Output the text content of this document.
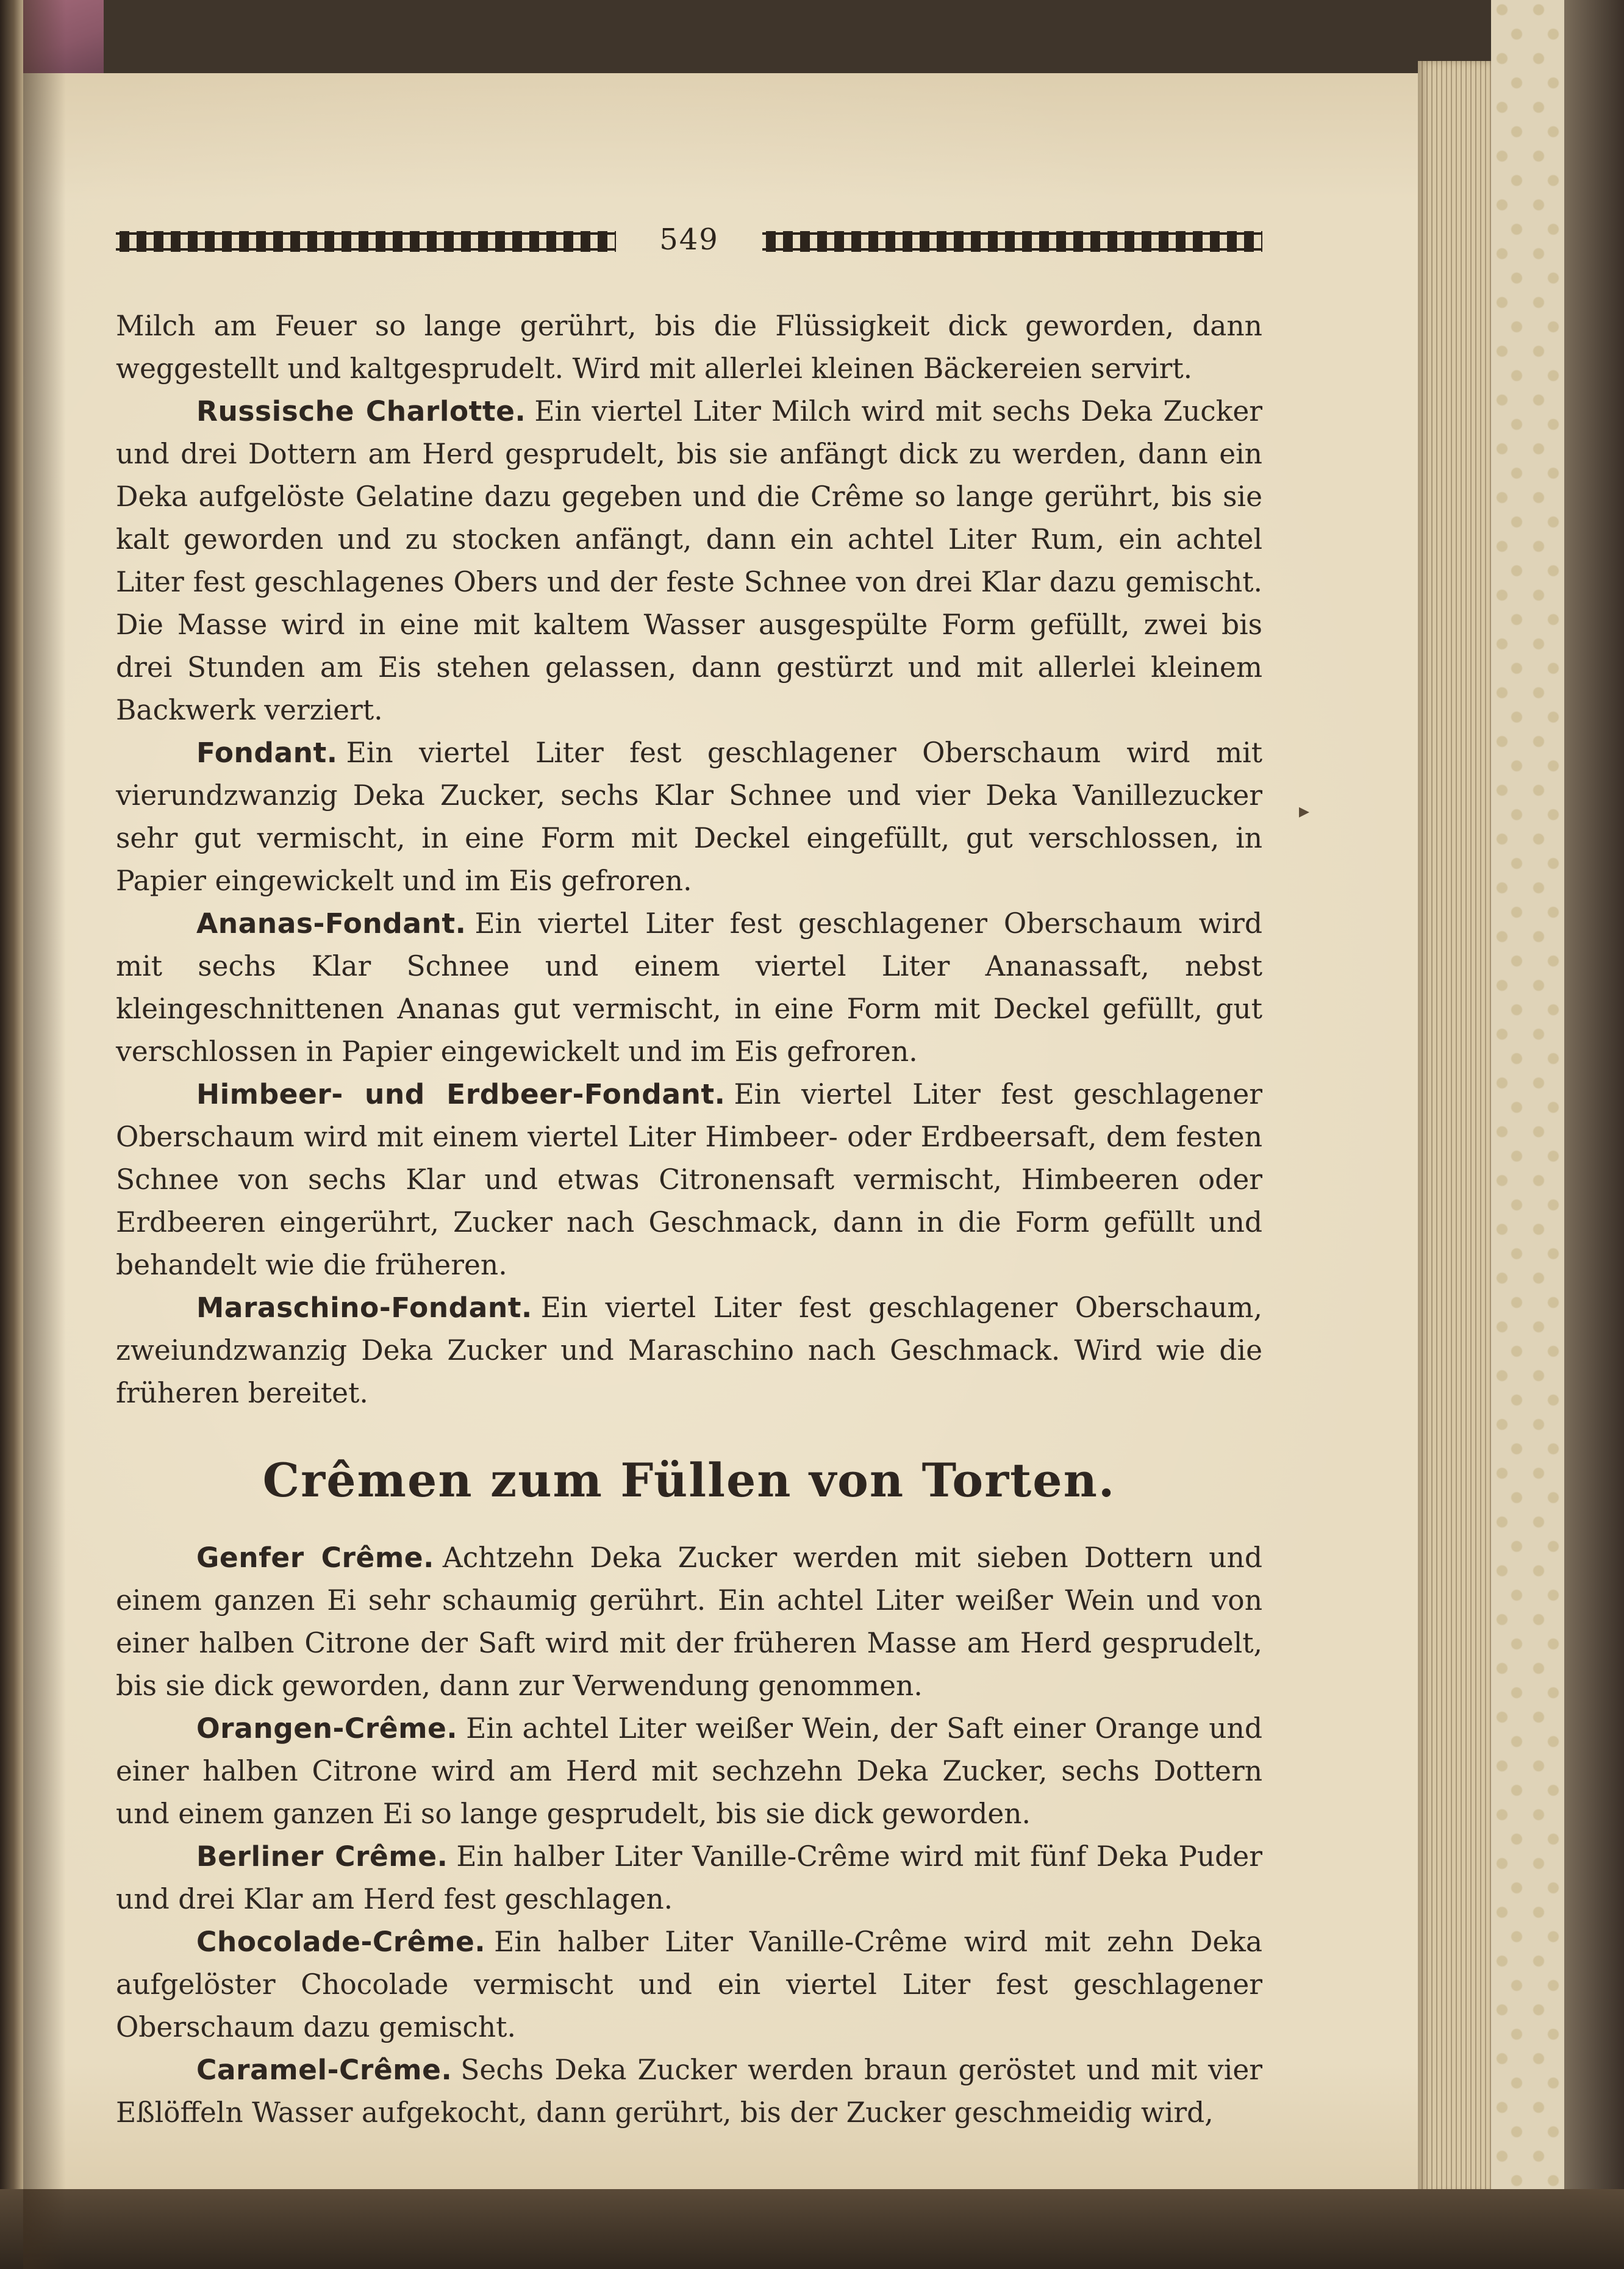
549
▸

Milch am Feuer so lange gerührt, bis die Flüssigkeit dick geworden, dann weggestellt und kaltgesprudelt. Wird mit allerlei kleinen Bäckereien servirt.

Russische Charlotte. Ein viertel Liter Milch wird mit sechs Deka Zucker und drei Dottern am Herd gesprudelt, bis sie anfängt dick zu werden, dann ein Deka aufgelöste Gelatine dazu gegeben und die Crême so lange gerührt, bis sie kalt geworden und zu stocken anfängt, dann ein achtel Liter Rum, ein achtel Liter fest geschlagenes Obers und der feste Schnee von drei Klar dazu gemischt. Die Masse wird in eine mit kaltem Wasser ausgespülte Form gefüllt, zwei bis drei Stunden am Eis stehen gelassen, dann gestürzt und mit allerlei kleinem Backwerk verziert.

Fondant. Ein viertel Liter fest geschlagener Oberschaum wird mit vierundzwanzig Deka Zucker, sechs Klar Schnee und vier Deka Vanillezucker sehr gut vermischt, in eine Form mit Deckel eingefüllt, gut verschlossen, in Papier eingewickelt und im Eis gefroren.

Ananas-Fondant. Ein viertel Liter fest geschlagener Oberschaum wird mit sechs Klar Schnee und einem viertel Liter Ananassaft, nebst kleingeschnittenen Ananas gut vermischt, in eine Form mit Deckel gefüllt, gut verschlossen in Papier eingewickelt und im Eis gefroren.

Himbeer- und Erdbeer-Fondant. Ein viertel Liter fest geschlagener Oberschaum wird mit einem viertel Liter Himbeer- oder Erdbeersaft, dem festen Schnee von sechs Klar und etwas Citronensaft vermischt, Himbeeren oder Erdbeeren eingerührt, Zucker nach Geschmack, dann in die Form gefüllt und behandelt wie die früheren.

Maraschino-Fondant. Ein viertel Liter fest geschlagener Oberschaum, zweiundzwanzig Deka Zucker und Maraschino nach Geschmack. Wird wie die früheren bereitet.

Crêmen zum Füllen von Torten.

Genfer Crême. Achtzehn Deka Zucker werden mit sieben Dottern und einem ganzen Ei sehr schaumig gerührt. Ein achtel Liter weißer Wein und von einer halben Citrone der Saft wird mit der früheren Masse am Herd gesprudelt, bis sie dick geworden, dann zur Verwendung genommen.

Orangen-Crême. Ein achtel Liter weißer Wein, der Saft einer Orange und einer halben Citrone wird am Herd mit sechzehn Deka Zucker, sechs Dottern und einem ganzen Ei so lange gesprudelt, bis sie dick geworden.

Berliner Crême. Ein halber Liter Vanille-Crême wird mit fünf Deka Puder und drei Klar am Herd fest geschlagen.

Chocolade-Crême. Ein halber Liter Vanille-Crême wird mit zehn Deka aufgelöster Chocolade vermischt und ein viertel Liter fest geschlagener Oberschaum dazu gemischt.

Caramel-Crême. Sechs Deka Zucker werden braun geröstet und mit vier Eßlöffeln Wasser aufgekocht, dann gerührt, bis der Zucker geschmeidig wird,
